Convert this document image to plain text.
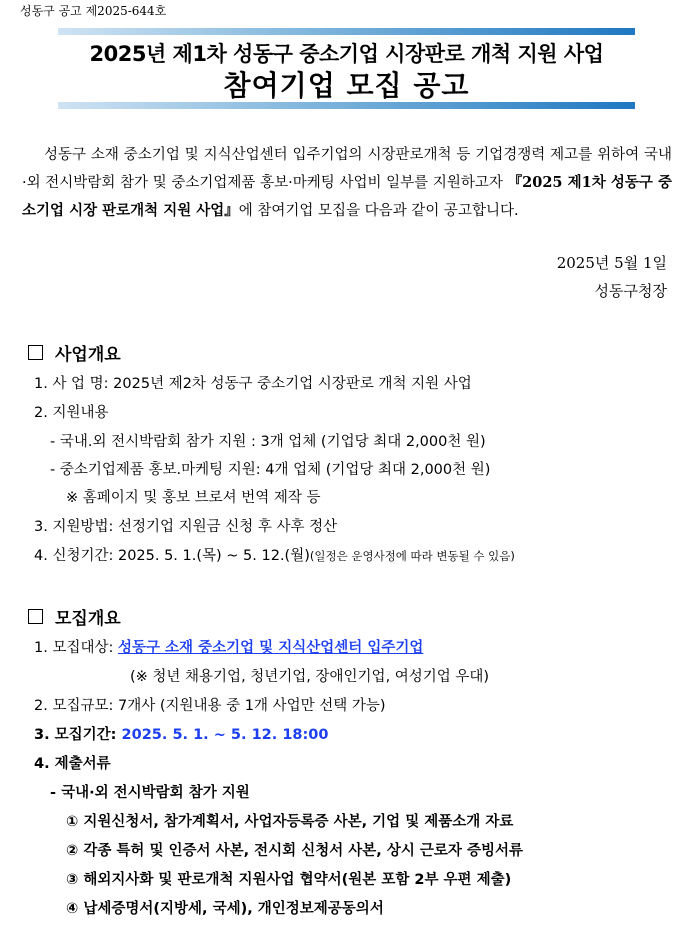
성동구 공고 제2025-644호
2025년 제1차 성동구 중소기업 시장판로 개척 지원 사업
참여기업 모집 공고
성동구 소재 중소기업 및 지식산업센터 입주기업의 시장판로개척 등 기업경쟁력 제고를 위하여 국내·외 전시박람회 참가 및 중소기업제품 홍보·마케팅 사업비 일부를 지원하고자 『2025 제1차 성동구 중소기업 시장 판로개척 지원 사업』에 참여기업 모집을 다음과 같이 공고합니다.
2025년 5월 1일
성동구청장
사업개요
1. 사 업 명: 2025년 제2차 성동구 중소기업 시장판로 개척 지원 사업
2. 지원내용
- 국내.외 전시박람회 참가 지원 : 3개 업체 (기업당 최대 2,000천 원)
- 중소기업제품 홍보.마케팅 지원: 4개 업체 (기업당 최대 2,000천 원)
※ 홈페이지 및 홍보 브로셔 번역 제작 등
3. 지원방법: 선정기업 지원금 신청 후 사후 정산
4. 신청기간: 2025. 5. 1.(목) ~ 5. 12.(월)(일정은 운영사정에 따라 변동될 수 있음)
모집개요
1. 모집대상: 성동구 소재 중소기업 및 지식산업센터 입주기업
(※ 청년 채용기업, 청년기업, 장애인기업, 여성기업 우대)
2. 모집규모: 7개사 (지원내용 중 1개 사업만 선택 가능)
3. 모집기간: 2025. 5. 1. ~ 5. 12. 18:00
4. 제출서류
- 국내·외 전시박람회 참가 지원
① 지원신청서, 참가계획서, 사업자등록증 사본, 기업 및 제품소개 자료
② 각종 특허 및 인증서 사본, 전시회 신청서 사본, 상시 근로자 증빙서류
③ 해외지사화 및 판로개척 지원사업 협약서(원본 포함 2부 우편 제출)
④ 납세증명서(지방세, 국세), 개인정보제공동의서
